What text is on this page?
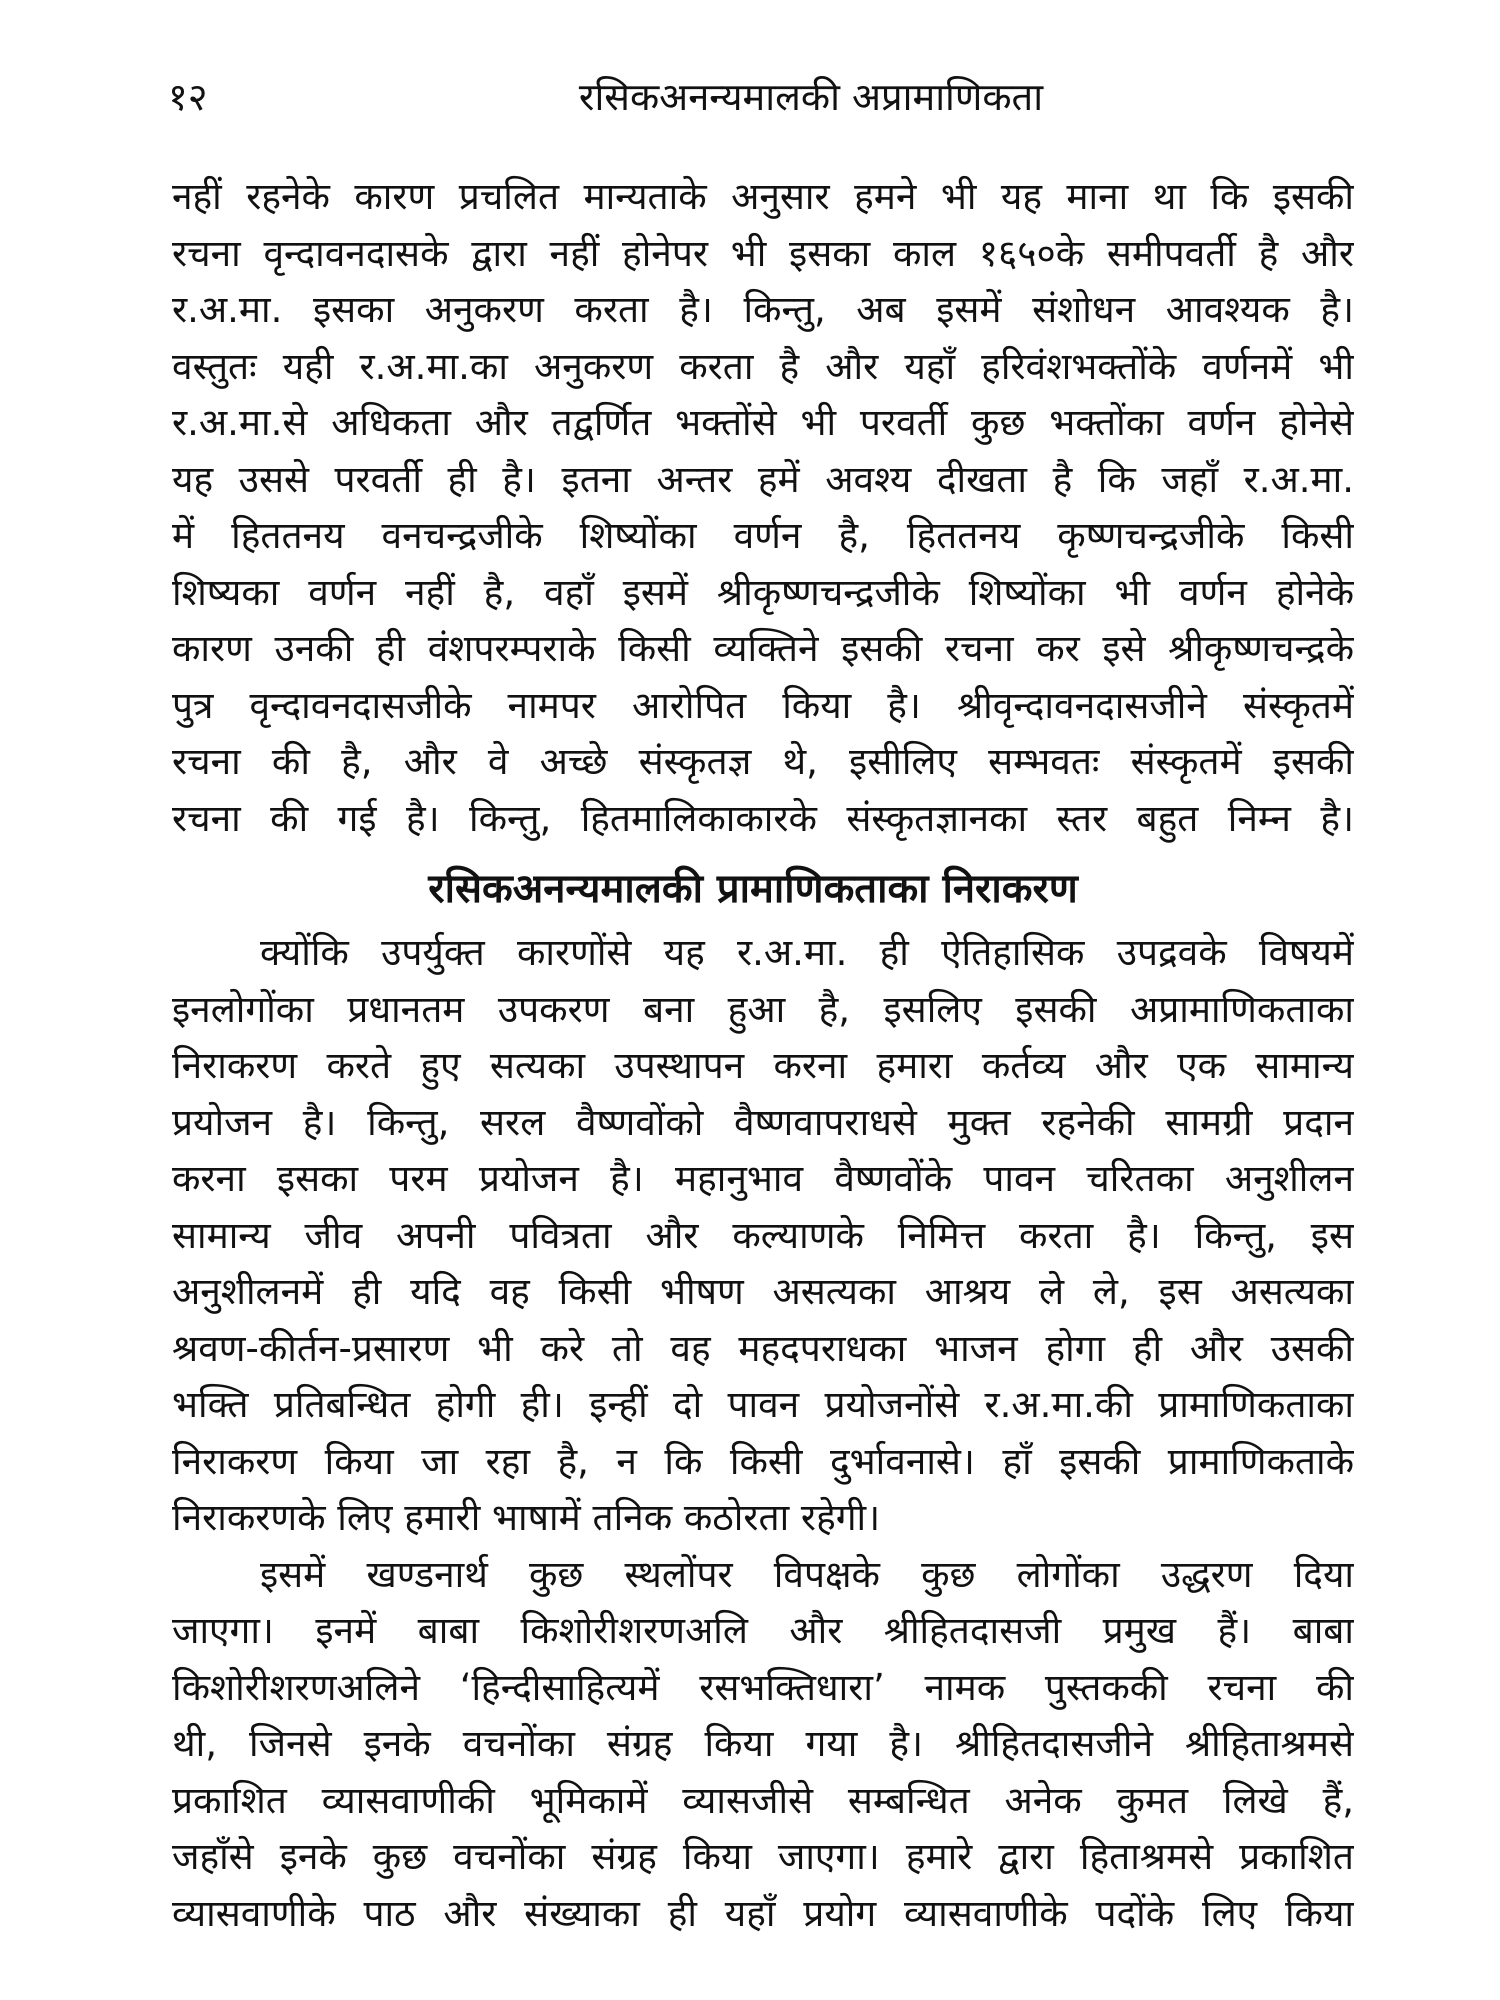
१२	रसिकअनन्यमालकी अप्रामाणिकता
नहीं रहनेके कारण प्रचलित मान्यताके अनुसार हमने भी यह माना था कि इसकी
रचना वृन्दावनदासके द्वारा नहीं होनेपर भी इसका काल १६५०के समीपवर्ती है और
र.अ.मा. इसका अनुकरण करता है। किन्तु, अब इसमें संशोधन आवश्यक है।
वस्तुतः यही र.अ.मा.का अनुकरण करता है और यहाँ हरिवंशभक्तोंके वर्णनमें भी
र.अ.मा.से अधिकता और तद्वर्णित भक्तोंसे भी परवर्ती कुछ भक्तोंका वर्णन होनेसे
यह उससे परवर्ती ही है। इतना अन्तर हमें अवश्य दीखता है कि जहाँ र.अ.मा.
में हिततनय वनचन्द्रजीके शिष्योंका वर्णन है, हिततनय कृष्णचन्द्रजीके किसी
शिष्यका वर्णन नहीं है, वहाँ इसमें श्रीकृष्णचन्द्रजीके शिष्योंका भी वर्णन होनेके
कारण उनकी ही वंशपरम्पराके किसी व्यक्तिने इसकी रचना कर इसे श्रीकृष्णचन्द्रके
पुत्र वृन्दावनदासजीके नामपर आरोपित किया है। श्रीवृन्दावनदासजीने संस्कृतमें
रचना की है, और वे अच्छे संस्कृतज्ञ थे, इसीलिए सम्भवतः संस्कृतमें इसकी
रचना की गई है। किन्तु, हितमालिकाकारके संस्कृतज्ञानका स्तर बहुत निम्न है।
रसिकअनन्यमालकी प्रामाणिकताका निराकरण
क्योंकि उपर्युक्त कारणोंसे यह र.अ.मा. ही ऐतिहासिक उपद्रवके विषयमें
इनलोगोंका प्रधानतम उपकरण बना हुआ है, इसलिए इसकी अप्रामाणिकताका
निराकरण करते हुए सत्यका उपस्थापन करना हमारा कर्तव्य और एक सामान्य
प्रयोजन है। किन्तु, सरल वैष्णवोंको वैष्णवापराधसे मुक्त रहनेकी सामग्री प्रदान
करना इसका परम प्रयोजन है। महानुभाव वैष्णवोंके पावन चरितका अनुशीलन
सामान्य जीव अपनी पवित्रता और कल्याणके निमित्त करता है। किन्तु, इस
अनुशीलनमें ही यदि वह किसी भीषण असत्यका आश्रय ले ले, इस असत्यका
श्रवण-कीर्तन-प्रसारण भी करे तो वह महदपराधका भाजन होगा ही और उसकी
भक्ति प्रतिबन्धित होगी ही। इन्हीं दो पावन प्रयोजनोंसे र.अ.मा.की प्रामाणिकताका
निराकरण किया जा रहा है, न कि किसी दुर्भावनासे। हाँ इसकी प्रामाणिकताके
निराकरणके लिए हमारी भाषामें तनिक कठोरता रहेगी।
इसमें खण्डनार्थ कुछ स्थलोंपर विपक्षके कुछ लोगोंका उद्धरण दिया
जाएगा। इनमें बाबा किशोरीशरणअलि और श्रीहितदासजी प्रमुख हैं। बाबा
किशोरीशरणअलिने ‘हिन्दीसाहित्यमें रसभक्तिधारा’ नामक पुस्तककी रचना की
थी, जिनसे इनके वचनोंका संग्रह किया गया है। श्रीहितदासजीने श्रीहिताश्रमसे
प्रकाशित व्यासवाणीकी भूमिकामें व्यासजीसे सम्बन्धित अनेक कुमत लिखे हैं,
जहाँसे इनके कुछ वचनोंका संग्रह किया जाएगा। हमारे द्वारा हिताश्रमसे प्रकाशित
व्यासवाणीके पाठ और संख्याका ही यहाँ प्रयोग व्यासवाणीके पदोंके लिए किया
